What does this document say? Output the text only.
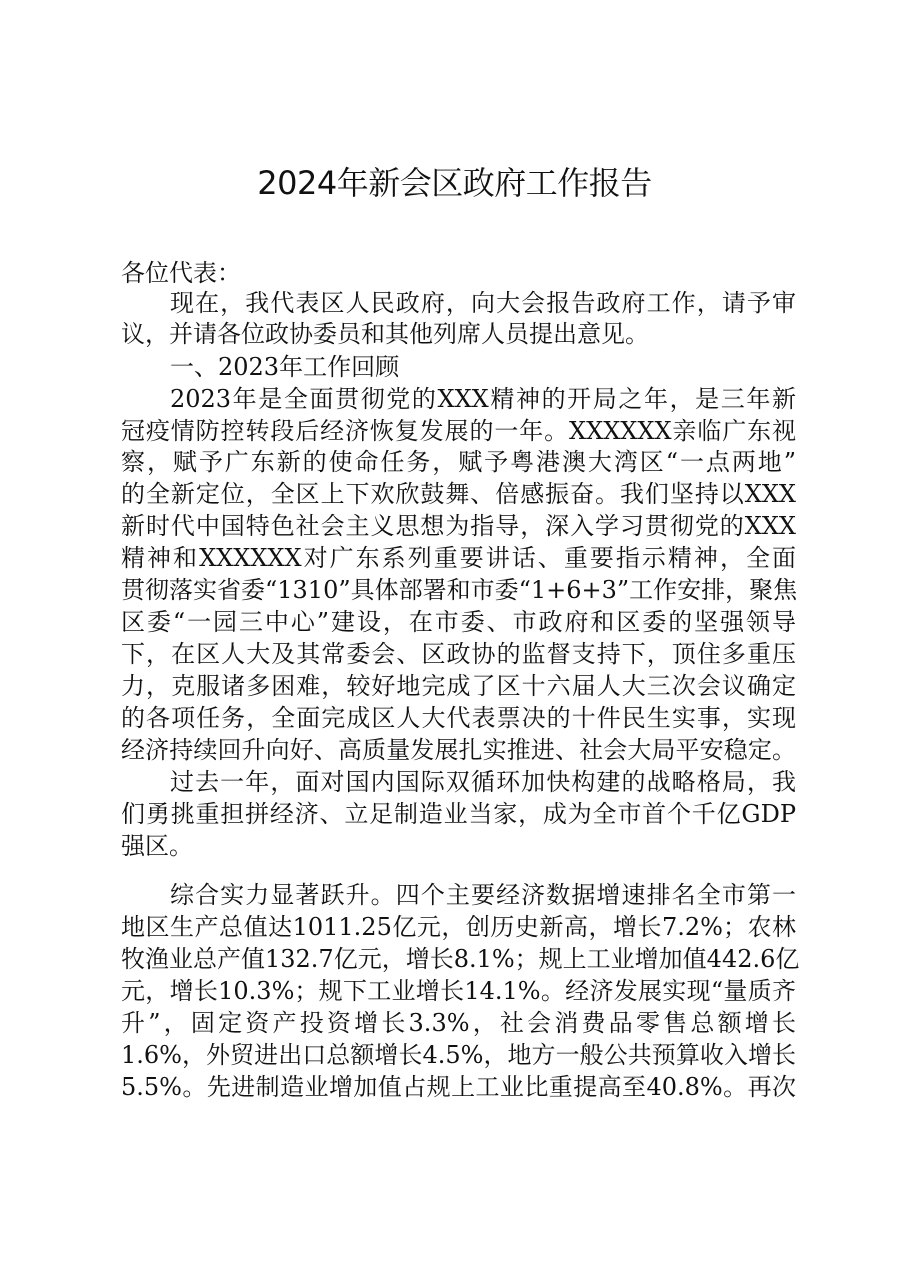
2024年新会区政府工作报告
各位代表：
现在，我代表区人民政府，向大会报告政府工作，请予审
议，并请各位政协委员和其他列席人员提出意见。
一、2023年工作回顾
2023年是全面贯彻党的XXX精神的开局之年，是三年新
冠疫情防控转段后经济恢复发展的一年。XXXXXX亲临广东视
察，赋予广东新的使命任务，赋予粤港澳大湾区“一点两地”
的全新定位，全区上下欢欣鼓舞、倍感振奋。我们坚持以XXX
新时代中国特色社会主义思想为指导，深入学习贯彻党的XXX
精神和XXXXXX对广东系列重要讲话、重要指示精神，全面
贯彻落实省委“1310”具体部署和市委“1+6+3”工作安排，聚焦
区委“一园三中心”建设，在市委、市政府和区委的坚强领导
下，在区人大及其常委会、区政协的监督支持下，顶住多重压
力，克服诸多困难，较好地完成了区十六届人大三次会议确定
的各项任务，全面完成区人大代表票决的十件民生实事，实现
经济持续回升向好、高质量发展扎实推进、社会大局平安稳定。
过去一年，面对国内国际双循环加快构建的战略格局，我
们勇挑重担拼经济、立足制造业当家，成为全市首个千亿GDP
强区。
综合实力显著跃升。四个主要经济数据增速排名全市第一
地区生产总值达1011.25亿元，创历史新高，增长7.2%；农林
牧渔业总产值132.7亿元，增长8.1%；规上工业增加值442.6亿
元，增长10.3%；规下工业增长14.1%。经济发展实现“量质齐
升”，固定资产投资增长3.3%，社会消费品零售总额增长
1.6%，外贸进出口总额增长4.5%，地方一般公共预算收入增长
5.5%。先进制造业增加值占规上工业比重提高至40.8%。再次
